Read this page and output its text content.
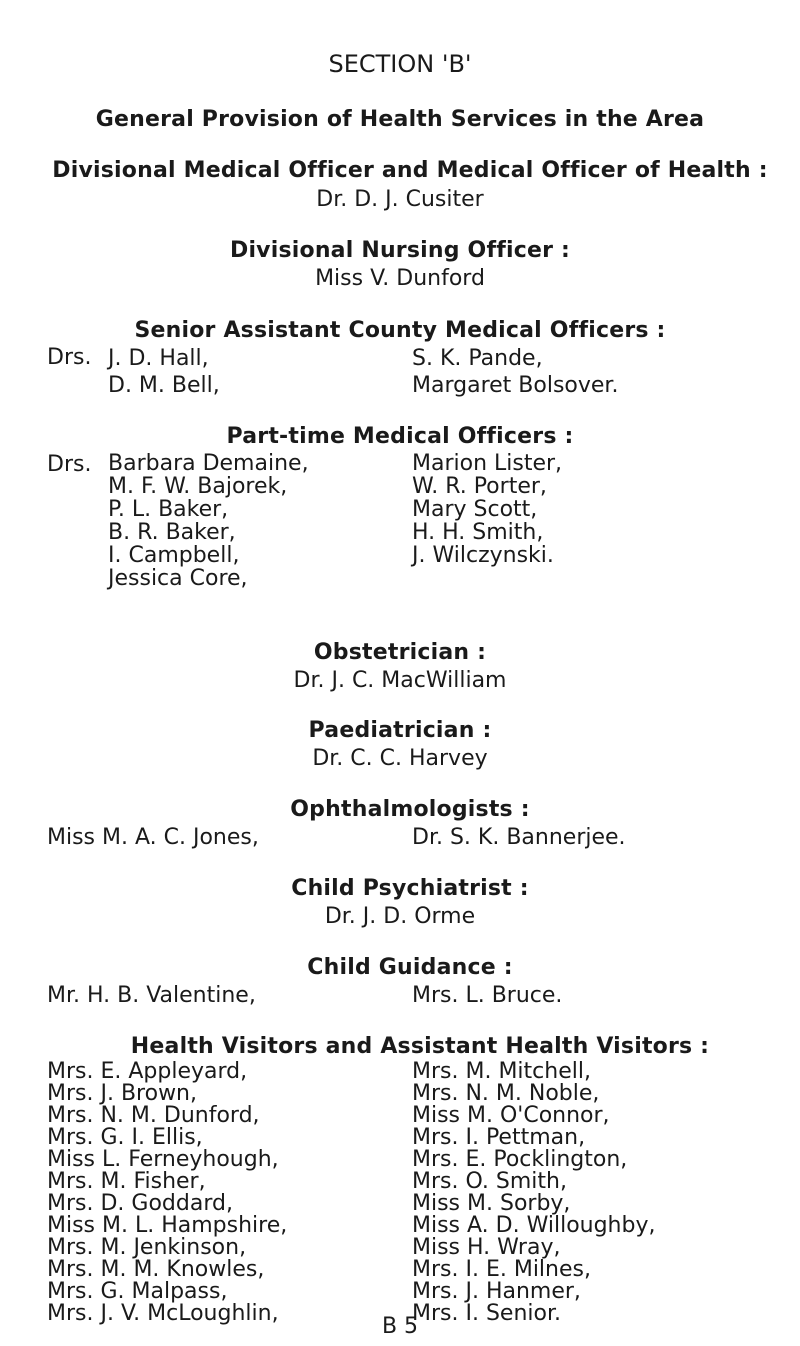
SECTION 'B'
General Provision of Health Services in the Area
Divisional Medical Officer and Medical Officer of Health :
Dr. D. J. Cusiter
Divisional Nursing Officer :
Miss V. Dunford
Senior Assistant County Medical Officers :
Drs. J. D. Hall,
D. M. Bell,
S. K. Pande,
Margaret Bolsover.
Part-time Medical Officers :
Drs. Barbara Demaine,
M. F. W. Bajorek,
P. L. Baker,
B. R. Baker,
I. Campbell,
Jessica Core,
Marion Lister,
W. R. Porter,
Mary Scott,
H. H. Smith,
J. Wilczynski.
Obstetrician :
Dr. J. C. MacWilliam
Paediatrician :
Dr. C. C. Harvey
Ophthalmologists :
Miss M. A. C. Jones,	Dr. S. K. Bannerjee.
Child Psychiatrist :
Dr. J. D. Orme
Child Guidance :
Mr. H. B. Valentine,	Mrs. L. Bruce.
Health Visitors and Assistant Health Visitors :
Mrs. E. Appleyard,
Mrs. J. Brown,
Mrs. N. M. Dunford,
Mrs. G. I. Ellis,
Miss L. Ferneyhough,
Mrs. M. Fisher,
Mrs. D. Goddard,
Miss M. L. Hampshire,
Mrs. M. Jenkinson,
Mrs. M. M. Knowles,
Mrs. G. Malpass,
Mrs. J. V. McLoughlin,
Mrs. M. Mitchell,
Mrs. N. M. Noble,
Miss M. O'Connor,
Mrs. I. Pettman,
Mrs. E. Pocklington,
Mrs. O. Smith,
Miss M. Sorby,
Miss A. D. Willoughby,
Miss H. Wray,
Mrs. I. E. Milnes,
Mrs. J. Hanmer,
Mrs. I. Senior.
B 5
